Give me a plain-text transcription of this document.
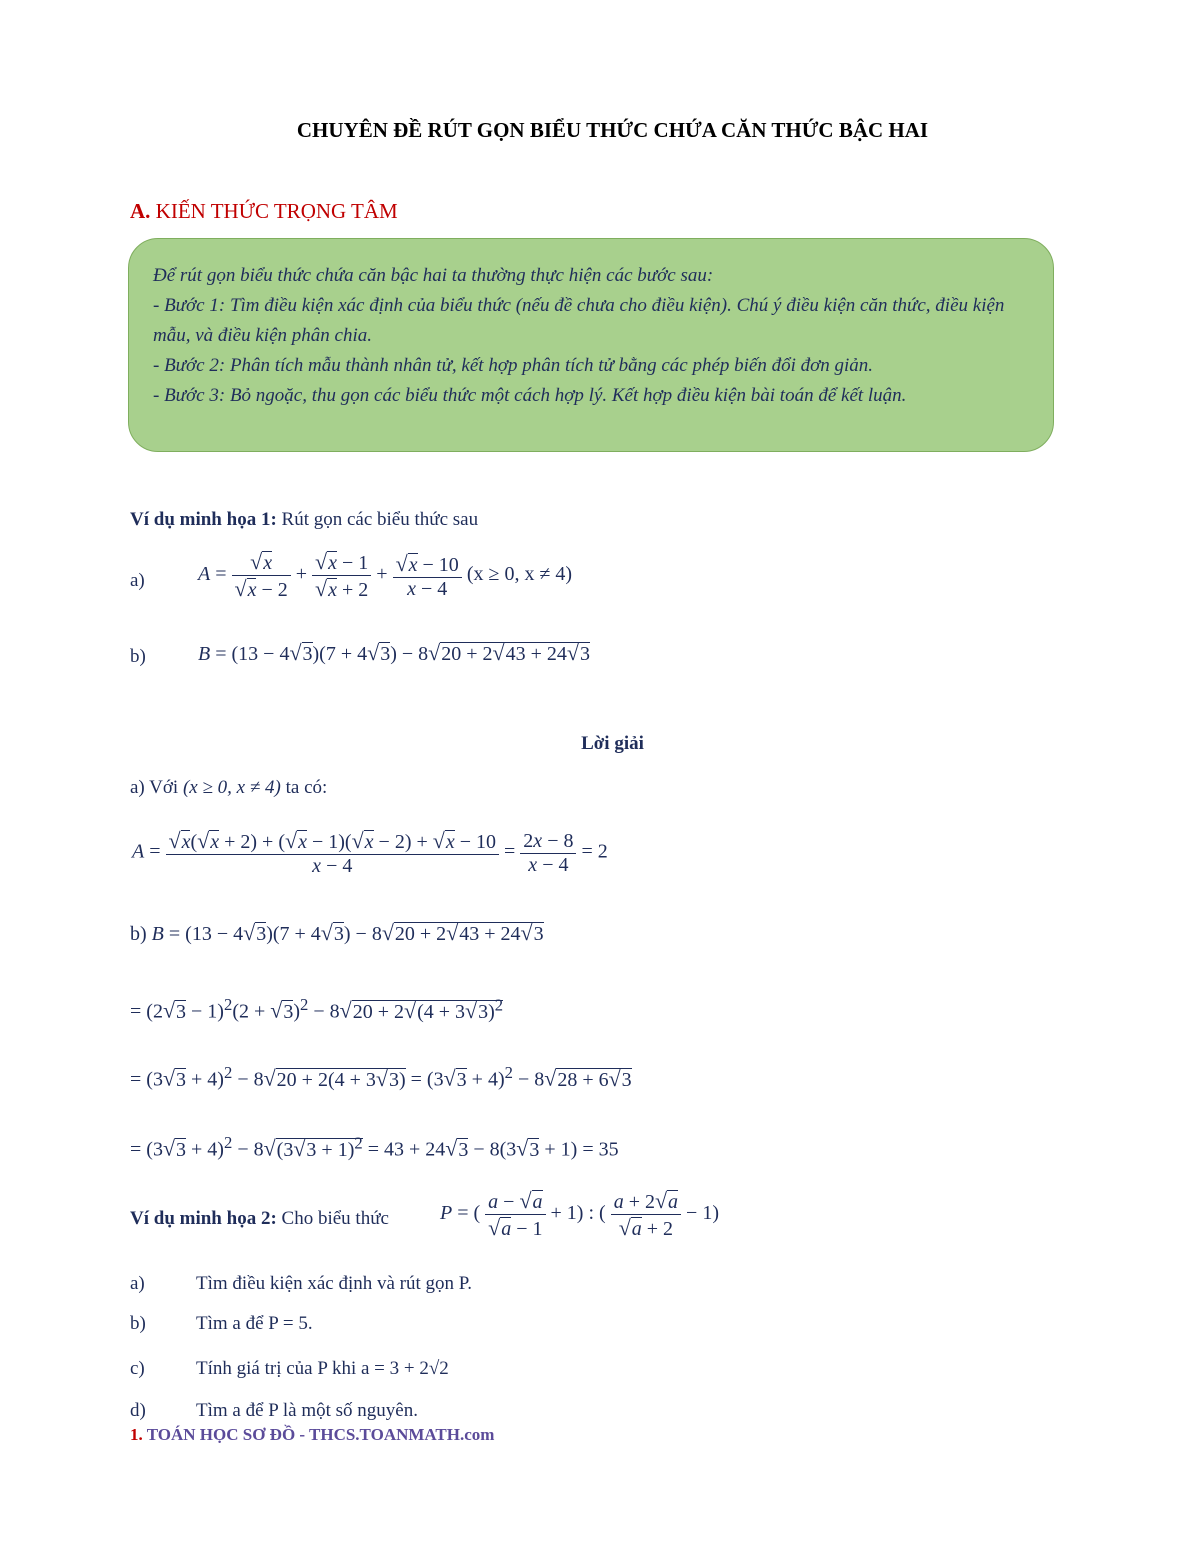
CHUYÊN ĐỀ RÚT GỌN BIỂU THỨC CHỨA CĂN THỨC BẬC HAI
A. KIẾN THỨC TRỌNG TÂM

Để rút gọn biểu thức chứa căn bậc hai ta thường thực hiện các bước sau:

- Bước 1: Tìm điều kiện xác định của biểu thức (nếu đề chưa cho điều kiện). Chú ý điều kiện căn thức, điều kiện mẫu, và điều kiện phân chia.

- Bước 2: Phân tích mẫu thành nhân tử, kết hợp phân tích tử bằng các phép biến đổi đơn giản.

- Bước 3: Bỏ ngoặc, thu gọn các biểu thức một cách hợp lý. Kết hợp điều kiện bài toán để kết luận.

Ví dụ minh họa 1: Rút gọn các biểu thức sau
a)	$A = \frac{√x}{√x - 2} + \frac{√x - 1}{√x + 2} + \frac{√x - 10}{x - 4} (x \ge 0$, x ≠ 4)
b)	B = (13 − 4√3)(7 + 4√3) − 8√20 + 2√43 + 24√3
Lời giải
a) Với (x ≥ 0, x ≠ 4) ta có:
$A = \frac{√x(√x + 2) + (√x - 1)(√x - 2) + √x - 10}{x - 4} = \frac{2x - 8}{x - 4} = 2$
b) B = (13 − 4√3)(7 + 4√3) − 8√20 + 2√43 + 24√3
= $(2√3 - 1)^2(2 + √3)^2 - 8√20 + 2√(4 + 3√3)^2$
= $(3√3 + 4)^2 - 8√20 + 2(4 + 3√3) = (3√3 + 4)^2 - 8√28 + 6√3$
= $(3√3 + 4)^2 - 8√(3√3 + 1)^2 = 43 + 24√3 - 8(3√3 + 1) = 35$
Ví dụ minh họa 2: Cho biểu thức	P = ( $\frac{a - √a}{√a - 1} + 1$) : ( $\frac{a + 2√a}{√a + 2} - 1$)
a)	Tìm điều kiện xác định và rút gọn P.
b)	Tìm a để P = 5.
c)	Tính giá trị của P khi a = 3 + 2√2
d)	Tìm a để P là một số nguyên.
1. TOÁN HỌC SƠ ĐỒ - THCS.TOANMATH.com
